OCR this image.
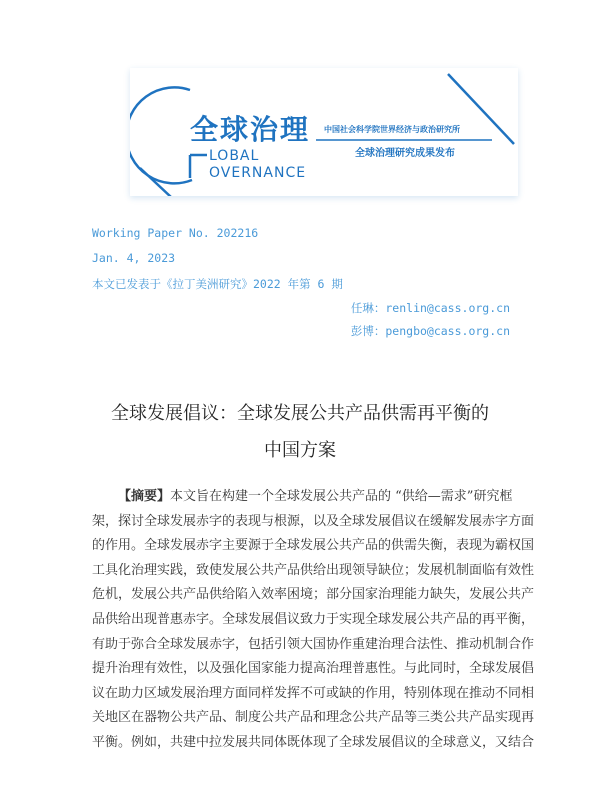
全球治理 中国社会科学院世界经济与政治研究所
全球治理研究成果发布
LOBAL
OVERNANCE
Working Paper No. 202216
Jan. 4, 2023
本文已发表于《拉丁美洲研究》2022 年第 6 期
任琳：renlin@cass.org.cn
彭博：pengbo@cass.org.cn
全球发展倡议：全球发展公共产品供需再平衡的
中国方案
【摘要】本文旨在构建一个全球发展公共产品的 “供给—需求”研究框
架，探讨全球发展赤字的表现与根源，以及全球发展倡议在缓解发展赤字方面
的作用。全球发展赤字主要源于全球发展公共产品的供需失衡，表现为霸权国
工具化治理实践，致使发展公共产品供给出现领导缺位；发展机制面临有效性
危机，发展公共产品供给陷入效率困境；部分国家治理能力缺失，发展公共产
品供给出现普惠赤字。全球发展倡议致力于实现全球发展公共产品的再平衡，
有助于弥合全球发展赤字，包括引领大国协作重建治理合法性、推动机制合作
提升治理有效性，以及强化国家能力提高治理普惠性。与此同时，全球发展倡
议在助力区域发展治理方面同样发挥不可或缺的作用，特别体现在推动不同相
关地区在器物公共产品、制度公共产品和理念公共产品等三类公共产品实现再
平衡。例如，共建中拉发展共同体既体现了全球发展倡议的全球意义，又结合
